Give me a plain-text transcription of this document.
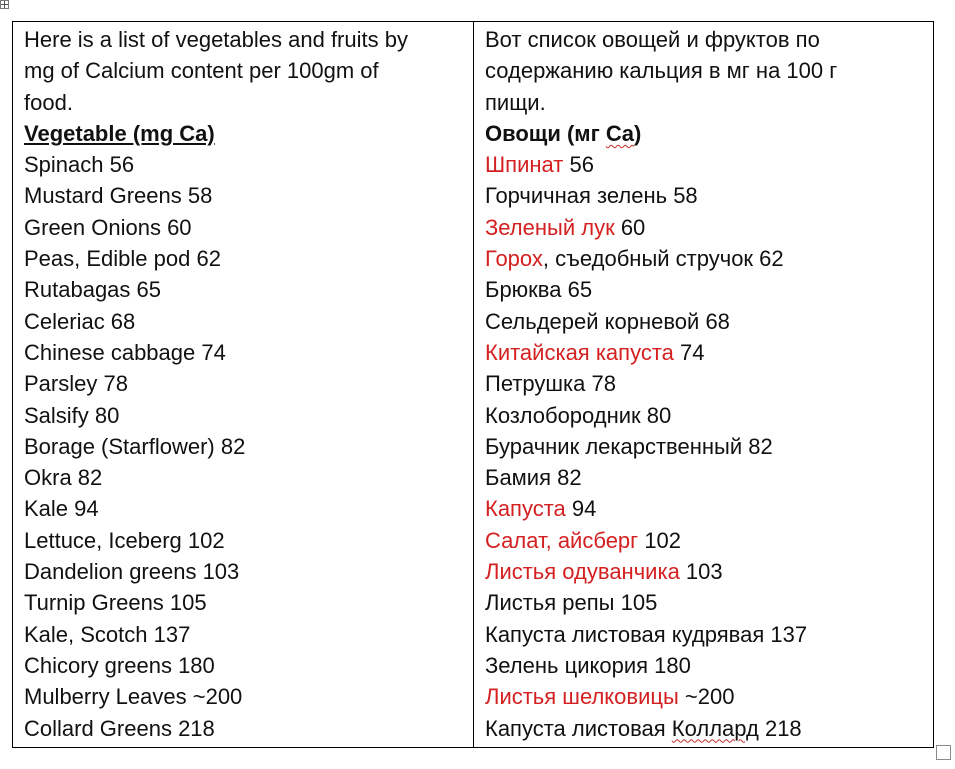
Here is a list of vegetables and fruits by
mg of Calcium content per 100gm of
food.
Vegetable (mg Ca)
Spinach 56
Mustard Greens 58
Green Onions 60
Peas, Edible pod 62
Rutabagas 65
Celeriac 68
Chinese cabbage 74
Parsley 78
Salsify 80
Borage (Starflower) 82
Okra 82
Kale 94
Lettuce, Iceberg 102
Dandelion greens 103
Turnip Greens 105
Kale, Scotch 137
Chicory greens 180
Mulberry Leaves ~200
Collard Greens 218

Вот список овощей и фруктов по
содержанию кальция в мг на 100 г
пищи.
Овощи (мг Ca)
Шпинат 56
Горчичная зелень 58
Зеленый лук 60
Горох, съедобный стручок 62
Брюква 65
Сельдерей корневой 68
Китайская капуста 74
Петрушка 78
Козлобородник 80
Бурачник лекарственный 82
Бамия 82
Капуста 94
Салат, айсберг 102
Листья одуванчика 103
Листья репы 105
Капуста листовая кудрявая 137
Зелень цикория 180
Листья шелковицы ~200
Капуста листовая Коллард 218
